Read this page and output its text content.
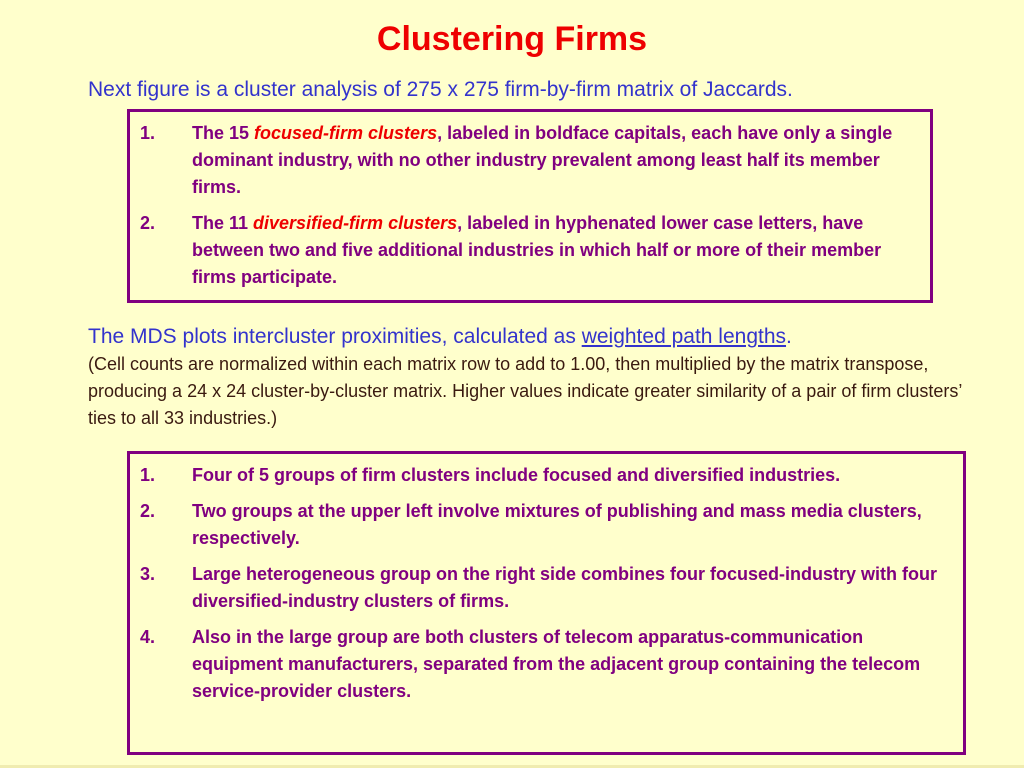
Clustering Firms
Next figure is a cluster analysis of 275 x 275 firm-by-firm matrix of Jaccards.
1. The 15 focused-firm clusters, labeled in boldface capitals, each have only a single dominant industry, with no other industry prevalent among least half its member firms.
2. The 11 diversified-firm clusters, labeled in hyphenated lower case letters, have between two and five additional industries in which half or more of their member firms participate.
The MDS plots intercluster proximities, calculated as weighted path lengths.
(Cell counts are normalized within each matrix row to add to 1.00, then multiplied by the matrix transpose, producing a 24 x 24 cluster-by-cluster matrix. Higher values indicate greater similarity of a pair of firm clusters’ ties to all 33 industries.)
1. Four of 5 groups of firm clusters include focused and diversified industries.
2. Two groups at the upper left involve mixtures of publishing and mass media clusters, respectively.
3. Large heterogeneous group on the right side combines four focused-industry with four diversified-industry clusters of firms.
4. Also in the large group are both clusters of telecom apparatus-communication equipment manufacturers, separated from the adjacent group containing the telecom service-provider clusters.
